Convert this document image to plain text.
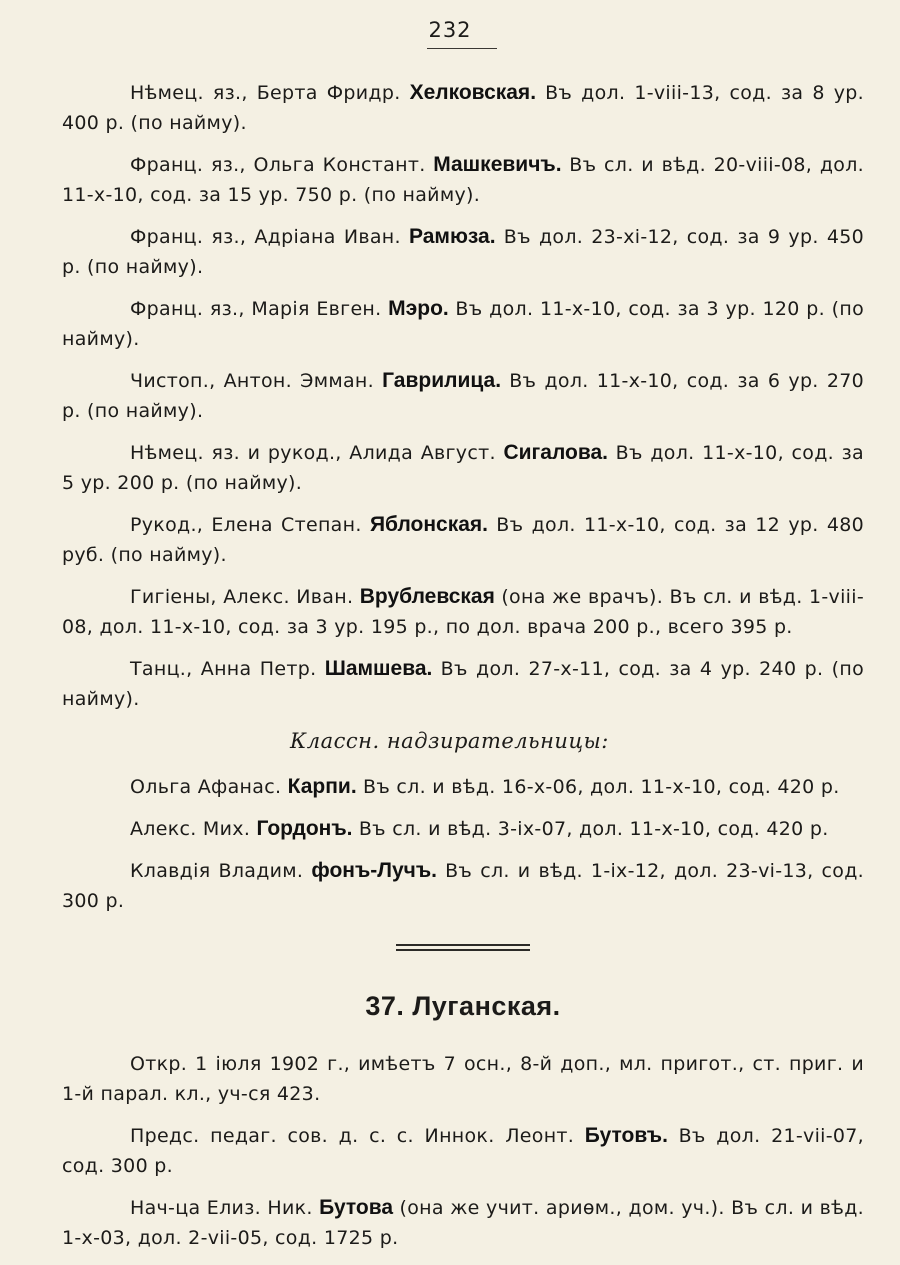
232

Нѣмец. яз., Берта Фридр. Хелковская. Въ дол. 1-viii-13, сод. за 8 ур. 400 р. (по найму).

Франц. яз., Ольга Констант. Машкевичъ. Въ сл. и вѣд. 20-viii-08, дол. 11-x-10, сод. за 15 ур. 750 р. (по найму).

Франц. яз., Адріана Иван. Рамюза. Въ дол. 23-xi-12, сод. за 9 ур. 450 р. (по найму).

Франц. яз., Марія Евген. Мэро. Въ дол. 11-x-10, сод. за 3 ур. 120 р. (по найму).

Чистоп., Антон. Эмман. Гаврилица. Въ дол. 11-x-10, сод. за 6 ур. 270 р. (по найму).

Нѣмец. яз. и рукод., Алида Август. Сигалова. Въ дол. 11-x-10, сод. за 5 ур. 200 р. (по найму).

Рукод., Елена Степан. Яблонская. Въ дол. 11-x-10, сод. за 12 ур. 480 руб. (по найму).

Гигіены, Алекс. Иван. Врублевская (она же врачъ). Въ сл. и вѣд. 1-viii-08, дол. 11-x-10, сод. за 3 ур. 195 р., по дол. врача 200 р., всего 395 р.

Танц., Анна Петр. Шамшева. Въ дол. 27-x-11, сод. за 4 ур. 240 р. (по найму).

Классн. надзирательницы:

Ольга Афанас. Карпи. Въ сл. и вѣд. 16-x-06, дол. 11-x-10, сод. 420 р.

Алекс. Мих. Гордонъ. Въ сл. и вѣд. 3-ix-07, дол. 11-x-10, сод. 420 р.

Клавдія Владим. фонъ-Лучъ. Въ сл. и вѣд. 1-ix-12, дол. 23-vi-13, сод. 300 р.

37. Луганская.

Откр. 1 іюля 1902 г., имѣетъ 7 осн., 8-й доп., мл. пригот., ст. приг. и 1-й парал. кл., уч-ся 423.

Предс. педаг. сов. д. с. с. Иннок. Леонт. Бутовъ. Въ дол. 21-vii-07, сод. 300 р.

Нач-ца Елиз. Ник. Бутова (она же учит. ариѳм., дом. уч.). Въ сл. и вѣд. 1-x-03, дол. 2-vii-05, сод. 1725 р.
